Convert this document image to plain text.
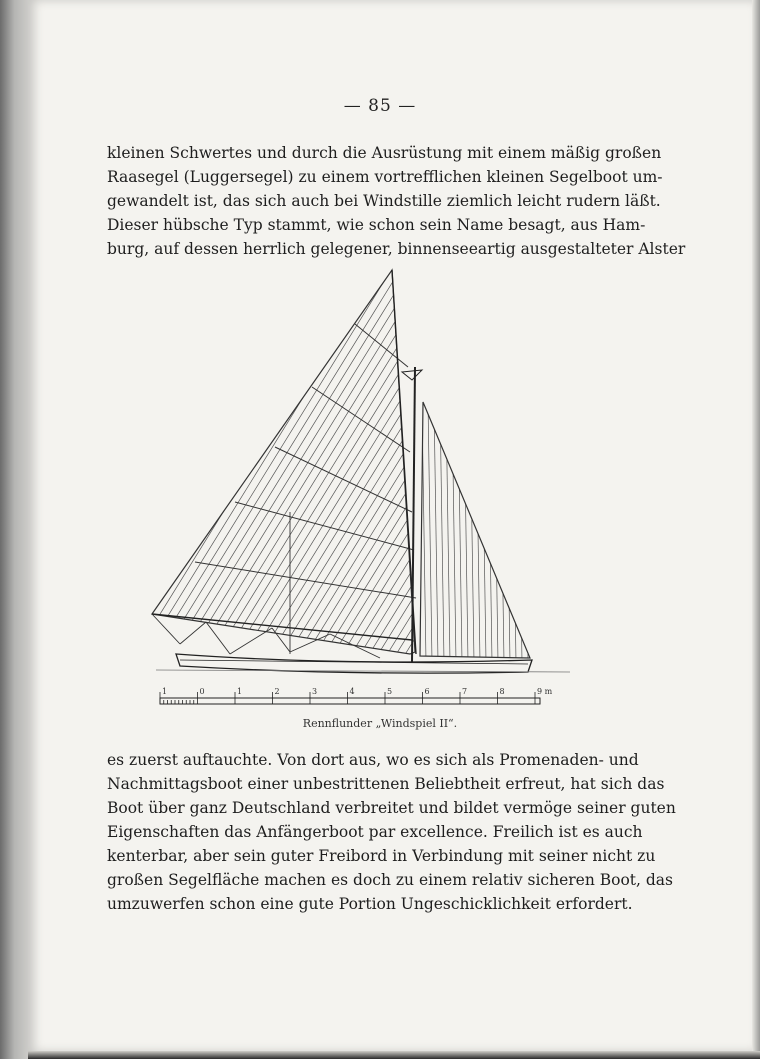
— 85 —
kleinen Schwertes und durch die Ausrüstung mit einem mäßig großen
Raasegel (Luggersegel) zu einem vortrefflichen kleinen Segelboot um-
gewandelt ist, das sich auch bei Windstille ziemlich leicht rudern läßt.
Dieser hübsche Typ stammt, wie schon sein Name besagt, aus Ham-
burg, auf dessen herrlich gelegener, binnenseeartig ausgestalteter Alster
1	0	1	2	3	4	5	6	7	8	9 m
Rennflunder „Windspiel II“.
es zuerst auftauchte. Von dort aus, wo es sich als Promenaden- und
Nachmittagsboot einer unbestrittenen Beliebtheit erfreut, hat sich das
Boot über ganz Deutschland verbreitet und bildet vermöge seiner guten
Eigenschaften das Anfängerboot par excellence. Freilich ist es auch
kenterbar, aber sein guter Freibord in Verbindung mit seiner nicht zu
großen Segelfläche machen es doch zu einem relativ sicheren Boot, das
umzuwerfen schon eine gute Portion Ungeschicklichkeit erfordert.
